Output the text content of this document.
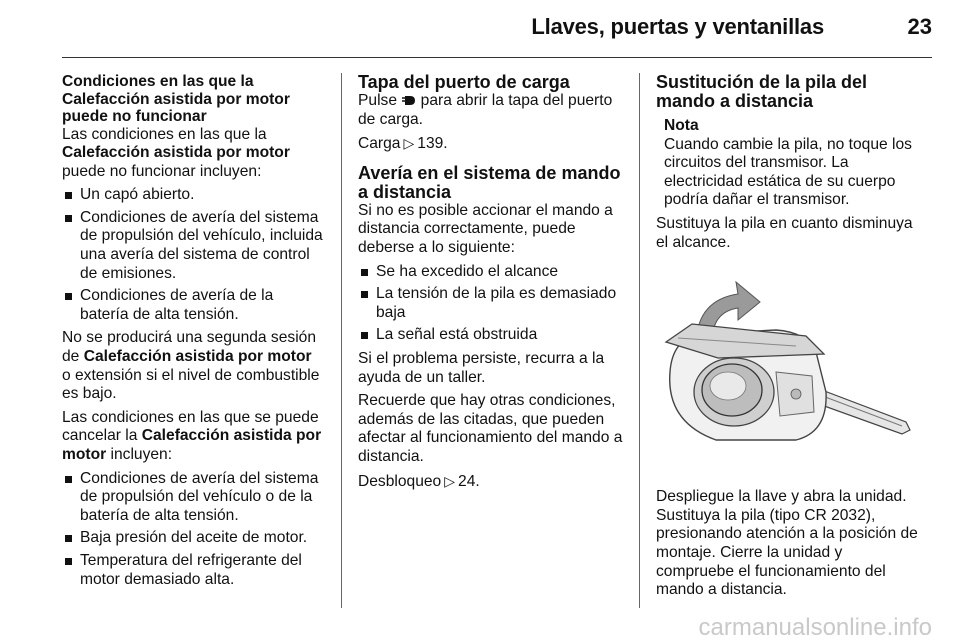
Llaves, puertas y ventanillas	23
Condiciones en las que la Calefacción asistida por motor puede no funcionar

Las condiciones en las que la Calefacción asistida por motor puede no funcionar incluyen:

Un capó abierto.
Condiciones de avería del sistema de propulsión del vehículo, incluida una avería del sistema de control de emisiones.
Condiciones de avería de la batería de alta tensión.

No se producirá una segunda sesión de Calefacción asistida por motor o extensión si el nivel de combustible es bajo.

Las condiciones en las que se puede cancelar la Calefacción asistida por motor incluyen:

Condiciones de avería del sistema de propulsión del vehículo o de la batería de alta tensión.
Baja presión del aceite de motor.
Temperatura del refrigerante del motor demasiado alta.
Tapa del puerto de carga

Pulse  para abrir la tapa del puerto de carga.

Carga ▷ 139.

Avería en el sistema de mando a distancia

Si no es posible accionar el mando a distancia correctamente, puede deberse a lo siguiente:

Se ha excedido el alcance
La tensión de la pila es demasiado baja
La señal está obstruida

Si el problema persiste, recurra a la ayuda de un taller.

Recuerde que hay otras condiciones, además de las citadas, que pueden afectar al funcionamiento del mando a distancia.

Desbloqueo ▷ 24.

Sustitución de la pila del mando a distancia
Nota
Cuando cambie la pila, no toque los circuitos del transmisor. La electricidad estática de su cuerpo podría dañar el transmisor.

Sustituya la pila en cuanto disminuya el alcance.

Despliegue la llave y abra la unidad. Sustituya la pila (tipo CR 2032), presionando atención a la posición de montaje. Cierre la unidad y compruebe el funcionamiento del mando a distancia.

carmanualsonline.info
